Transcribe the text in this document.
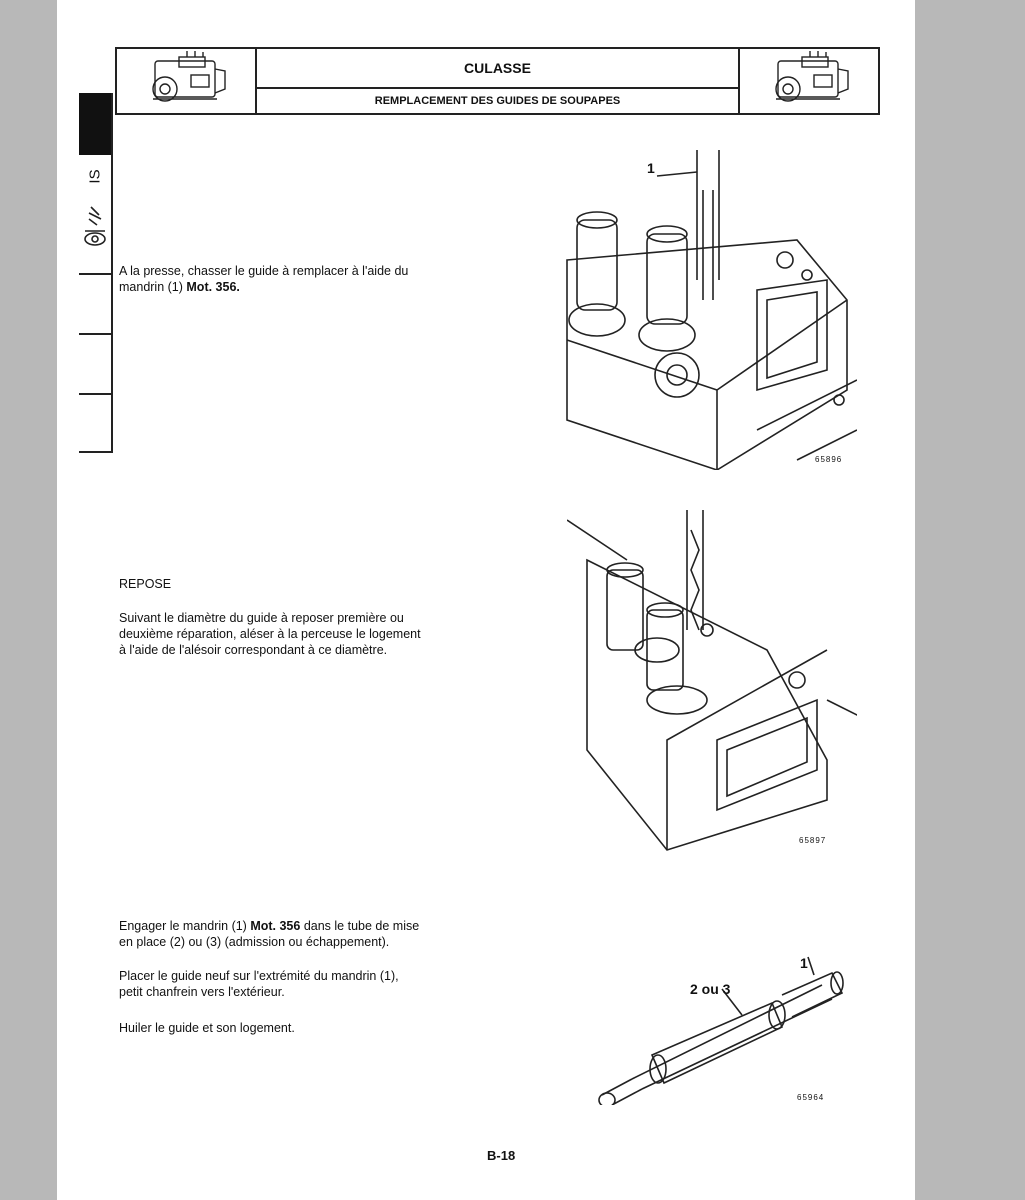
CULASSE
REMPLACEMENT DES GUIDES DE SOUPAPES
IS
A la presse, chasser le guide à remplacer à l'aide du
mandrin (1) Mot. 356.
1
65896
REPOSE
Suivant le diamètre du guide à reposer première ou
deuxième réparation, aléser à la perceuse le logement
à l'aide de l'alésoir correspondant à ce diamètre.
65897
Engager le mandrin (1) Mot. 356 dans le tube de mise
en place (2) ou (3) (admission ou échappement).
Placer le guide neuf sur l'extrémité du mandrin (1),
petit chanfrein vers l'extérieur.
Huiler le guide et son logement.
1
2 ou 3
65964
B-18
